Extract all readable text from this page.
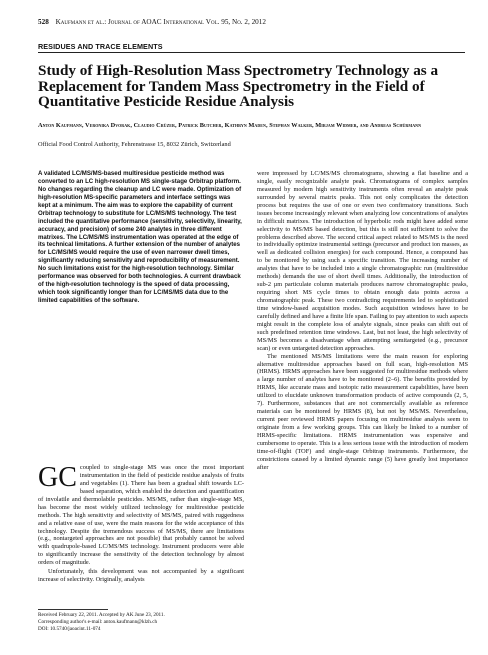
528 Kaufmann et al.: Journal of AOAC International Vol. 95, No. 2, 2012
RESIDUES AND TRACE ELEMENTS
Study of High-Resolution Mass Spectrometry Technology as a Replacement for Tandem Mass Spectrometry in the Field of Quantitative Pesticide Residue Analysis
Anton Kaufmann, Veronika Dvorak, Claudio Crüzer, Patrick Butcher, Kathryn Maden, Stephan Walker, Mirjam Widmer, and Andreas Schürmann
Official Food Control Authority, Fehrenstrasse 15, 8032 Zürich, Switzerland

A validated LC/MS/MS-based multiresidue pesticide method was converted to an LC high-resolution MS single-stage Orbitrap platform. No changes regarding the cleanup and LC were made. Optimization of high-resolution MS-specific parameters and interface settings was kept at a minimum. The aim was to explore the capability of current Orbitrap technology to substitute for LC/MS/MS technology. The test included the quantitative performance (sensitivity, selectivity, linearity, accuracy, and precision) of some 240 analytes in three different matrixes. The LC/MS/MS instrumentation was operated at the edge of its technical limitations. A further extension of the number of analytes for LC/MS/MS would require the use of even narrower dwell times, significantly reducing sensitivity and reproducibility of measurement. No such limitations exist for the high-resolution technology. Similar performance was observed for both technologies. A current drawback of the high-resolution technology is the speed of data processing, which took significantly longer than for LC/MS/MS data due to the limited capabilities of the software.

GC coupled to single-stage MS was once the most important instrumentation in the field of pesticide residue analysis of fruits and vegetables (1). There has been a gradual shift towards LC-based separation, which enabled the detection and quantification of involatile and thermolabile pesticides. MS/MS, rather than single-stage MS, has become the most widely utilized technology for multiresidue pesticide methods. The high sensitivity and selectivity of MS/MS, paired with ruggedness and a relative ease of use, were the main reasons for the wide acceptance of this technology. Despite the tremendous success of MS/MS, there are limitations (e.g., nontargeted approaches are not possible) that probably cannot be solved with quadrupole-based LC/MS/MS technology. Instrument producers were able to significantly increase the sensitivity of the detection technology by almost orders of magnitude.

Unfortunately, this development was not accompanied by a significant increase of selectivity. Originally, analysts

Received February 22, 2011. Accepted by AK June 23, 2011.
Corresponding author's e-mail: anton.kaufmann@klzh.ch
DOI: 10.5740/jaoacint.11-074

were impressed by LC/MS/MS chromatograms, showing a flat baseline and a single, easily recognizable analyte peak. Chromatograms of complex samples measured by modern high sensitivity instruments often reveal an analyte peak surrounded by several matrix peaks. This not only complicates the detection process but requires the use of one or even two confirmatory transitions. Such issues become increasingly relevant when analyzing low concentrations of analytes in difficult matrixes. The introduction of hyperbolic rods might have added some selectivity to MS/MS based detection, but this is still not sufficient to solve the problems described above. The second critical aspect related to MS/MS is the need to individually optimize instrumental settings (precursor and product ion masses, as well as dedicated collision energies) for each compound. Hence, a compound has to be monitored by using such a specific transition. The increasing number of analytes that have to be included into a single chromatographic run (multiresidue methods) demands the use of short dwell times. Additionally, the introduction of sub-2 µm particulate column materials produces narrow chromatographic peaks, requiring short MS cycle times to obtain enough data points across a chromatographic peak. These two contradicting requirements led to sophisticated time window-based acquisition modes. Such acquisition windows have to be carefully defined and have a finite life span. Failing to pay attention to such aspects might result in the complete loss of analyte signals, since peaks can shift out of such predefined retention time windows. Last, but not least, the high selectivity of MS/MS becomes a disadvantage when attempting semitargeted (e.g., precursor scan) or even untargeted detection approaches.

The mentioned MS/MS limitations were the main reason for exploring alternative multiresidue approaches based on full scan, high-resolution MS (HRMS). HRMS approaches have been suggested for multiresidue methods where a large number of analytes have to be monitored (2–6). The benefits provided by HRMS, like accurate mass and isotopic ratio measurement capabilities, have been utilized to elucidate unknown transformation products of active compounds (2, 5, 7). Furthermore, substances that are not commercially available as reference materials can be monitored by HRMS (8), but not by MS/MS. Nevertheless, current peer reviewed HRMS papers focusing on multiresidue analysis seem to originate from a few working groups. This can likely be linked to a number of HRMS-specific limitations. HRMS instrumentation was expensive and cumbersome to operate. This is a less serious issue with the introduction of modern time-of-flight (TOF) and single-stage Orbitrap instruments. Furthermore, the constrictions caused by a limited dynamic range (5) have greatly lost importance after
